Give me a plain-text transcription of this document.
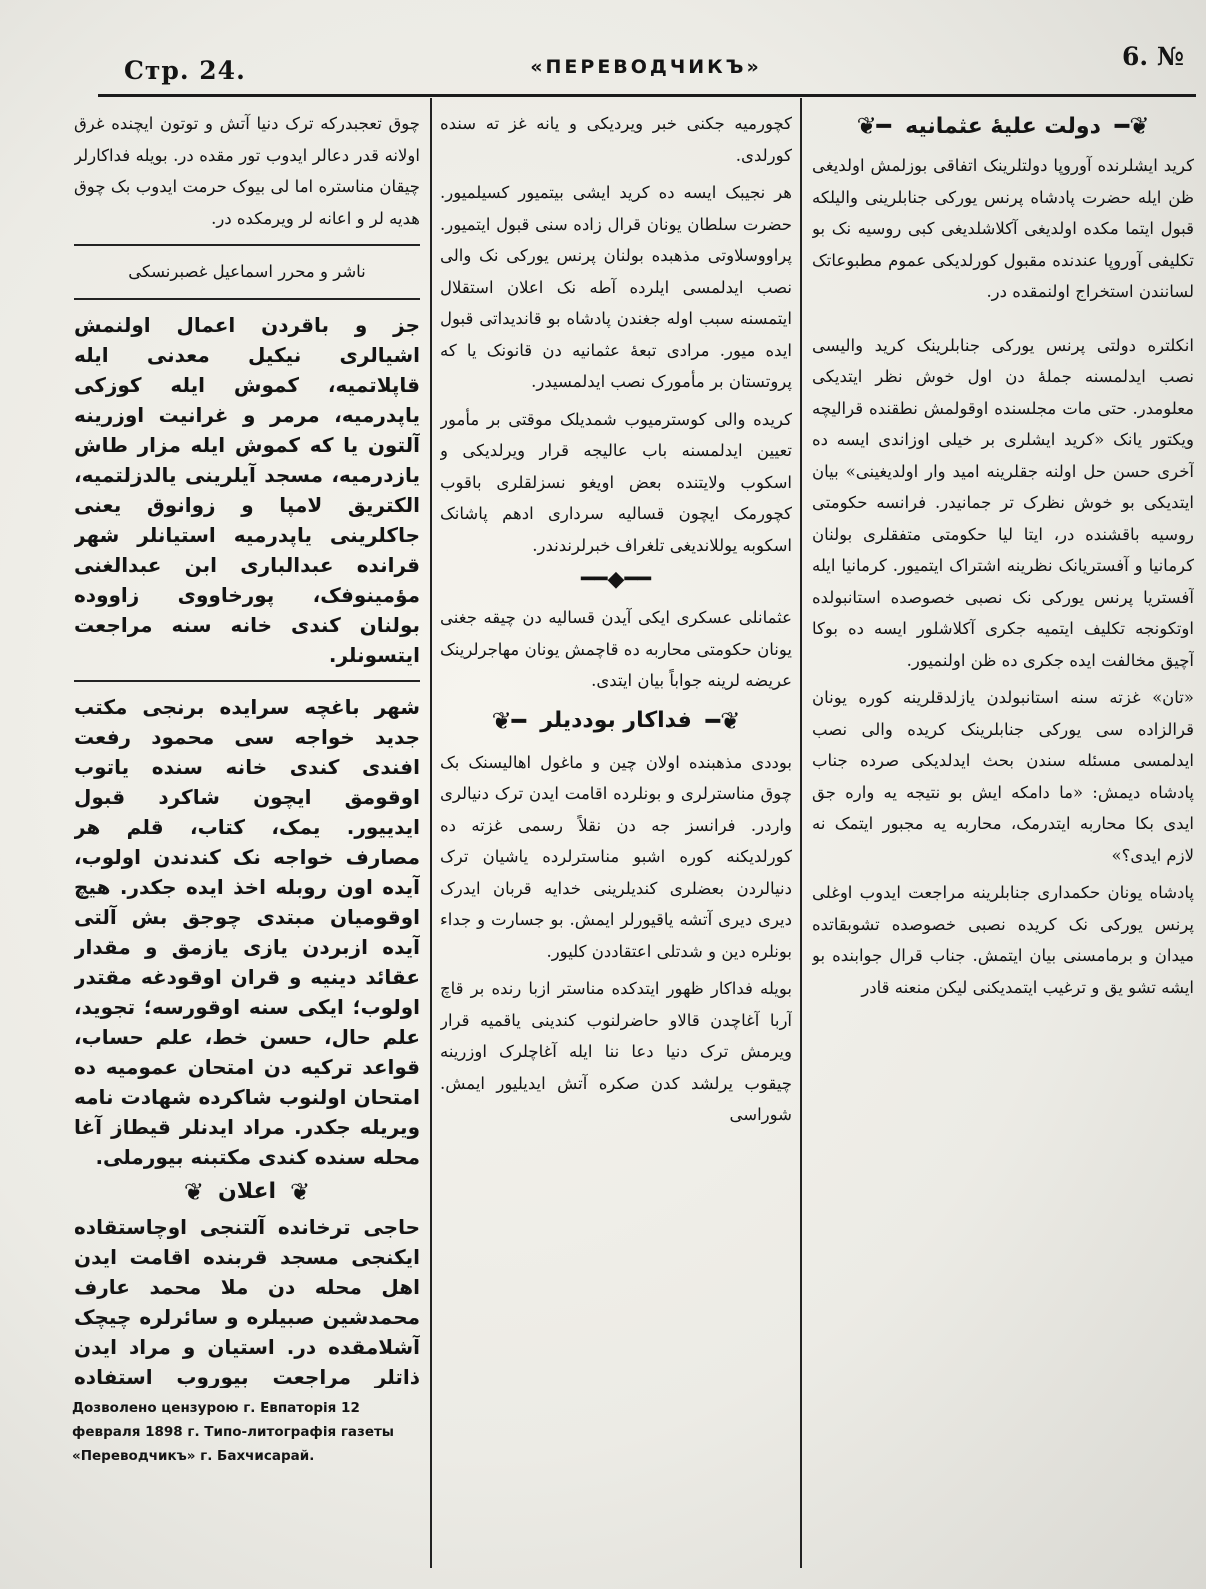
Стр. 24.	«ПЕРЕВОДЧИКЪ»	6. №
━❦
دولت علیهٔ عثمانیه
❦━

کرید ایشلرنده آوروپا دولتلرینک اتفاقی بوزلمش اولدیغی ظن ایله حضرت پادشاه پرنس یورکی جنابلرینی والیلکه قبول ایتما مکده اولدیغی آکلاشلدیغی کبی روسیه نک بو تکلیفی آوروپا عندنده مقبول کورلدیکی عموم مطبوعاتک لسانندن استخراج اولنمقده در.

انکلتره دولتی پرنس یورکی جنابلرینک کرید والیسی نصب ایدلمسنه جملهٔ دن اول خوش نظر ایتدیکی معلومدر. حتی مات مجلسنده اوقولمش نطقنده قرالیچه ویکتور یانک «کرید ایشلری بر خیلی اوزاندی ایسه ده آخری حسن حل اولنه جقلرینه امید وار اولدیغینی» بیان ایتدیکی بو خوش نظرک تر جمانیدر. فرانسه حکومتی روسیه باقشنده در، ایتا لیا حکومتی متفقلری بولنان کرمانیا و آفستریانک نظرینه اشتراک ایتمیور. کرمانیا ایله آفستریا پرنس یورکی نک نصبی خصوصده استانبولده اوتکونجه تکلیف ایتمیه جکری آکلاشلور ایسه ده بوکا آچیق مخالفت ایده جکری ده ظن اولنمیور.

«تان» غزته سنه استانبولدن یازلدقلرینه کوره یونان قرالزاده سی یورکی جنابلرینک کریده والی نصب ایدلمسی مسئله سندن بحث ایدلدیکی صرده جناب پادشاه دیمش: «ما دامکه ایش بو نتیجه یه واره جق ایدی بکا محاربه ایتدرمک، محاربه یه مجبور ایتمک نه لازم ایدی؟»

پادشاه یونان حکمداری جنابلرینه مراجعت ایدوب اوغلی پرنس یورکی نک کریده نصبی خصوصده تشوبقاتده میدان و برمامسنی بیان ایتمش. جناب قرال جوابنده بو ایشه تشو یق و ترغیب ایتمدیکنی لیکن منعنه قادر

کچورمیه جکنی خبر ویردیکی و یانه غز ته سنده کورلدی.

هر نجیبک ایسه ده کرید ایشی بیتمیور کسیلمیور. حضرت سلطان یونان قرال زاده سنی قبول ایتمیور. پراووسلاوتی مذهبده بولنان پرنس یورکی نک والی نصب ایدلمسی ایلرده آطه نک اعلان استقلال ایتمسنه سبب اوله جغندن پادشاه بو قاندیداتی قبول ایده میور. مرادی تبعهٔ عثمانیه دن قانونک یا که پروتستان بر مأمورک نصب ایدلمسیدر.

کریده والی کوسترمیوب شمدیلک موقتی بر مأمور تعیین ایدلمسنه باب عالیجه قرار ویرلدیکی و اسکوب ولایتنده بعض اویغو نسزلقلری باقوب کچورمک ایچون قسالیه سرداری ادهم پاشانک اسکوبه یوللاندیغی تلغراف خبرلرندندر.

━━◆━━

عثمانلی عسکری ایکی آیدن قسالیه دن چیقه جغنی یونان حکومتی محاربه ده قاچمش یونان مهاجرلرینک عریضه لرینه جواباً بیان ایتدی.

━❦
فداکار بوددیلر
❦━

بوددی مذهبنده اولان چین و ماغول اهالیسنک بک چوق مناسترلری و بونلرده اقامت ایدن ترک دنیالری واردر. فرانسز جه دن نقلاً رسمی غزته ده کورلدیکنه کوره اشبو مناسترلرده یاشیان ترک دنیالردن بعضلری کندیلرینی خدایه قربان ایدرک دیری دیری آتشه یاقیورلر ایمش. بو جسارت و جداء بونلره دین و شدتلی اعتقاددن کلیور.

بویله فداکار ظهور ایتدکده مناستر ازبا رنده بر قاچ آربا آغاچدن قالاو حاضرلنوب کندینی یاقمیه قرار ویرمش ترک دنیا دعا ننا ایله آغاچلرک اوزرینه چیقوب یرلشد کدن صکره آتش ایدیلیور ایمش. شوراسی

چوق تعجبدرکه ترک دنیا آتش و توتون ایچنده غرق اولانه قدر دعالر ایدوب تور مقده در. بویله فداکارلر چیقان مناستره اما لی بیوک حرمت ایدوب بک چوق هدیه لر و اعانه لر ویرمکده در.

ناشر و محرر اسماعیل غصبرنسکی

جز و باقردن اعمال اولنمش اشیالری نیکیل معدنی ایله قاپلاتمیه، کموش ایله کوزکی یاپدرمیه، مرمر و غرانیت اوزرینه آلتون یا که کموش ایله مزار طاش یازدرمیه، مسجد آیلرینی یالدزلتمیه، الکتریق لامپا و زوانوق یعنی جاکلرینی یاپدرمیه استیانلر شهر قرانده عبدالباری ابن عبدالغنی مؤمینوفک، پورخاووی زاووده بولنان کندی خانه سنه مراجعت ایتسونلر.

شهر باغچه سرایده برنجی مکتب جدید خواجه سی محمود رفعت افندی کندی خانه سنده یاتوب اوقومق ایچون شاکرد قبول ایدییور. یمک، کتاب، قلم هر مصارف خواجه نک کندندن اولوب، آیده اون روبله اخذ ایده جکدر. هیچ اوقومیان مبتدی چوجق بش آلتی آیده ازبردن یازی یازمق و مقدار عقائد دینیه و قران اوقودغه مقتدر اولوب؛ ایکی سنه اوقورسه؛ تجوید، علم حال، حسن خط، علم حساب، قواعد ترکیه دن امتحان عمومیه ده امتحان اولنوب شاکرده شهادت نامه ویریله جکدر. مراد ایدنلر قیطاز آغا محله سنده کندی مکتبنه بیورملی.

❦
اعلان
❦

حاجی ترخانده آلتنجی اوچاستقاده ایکنجی مسجد قربنده اقامت ایدن اهل محله دن ملا محمد عارف محمدشین صبیلره و سائرلره چیچک آشلامقده در. استیان و مراد ایدن ذاتلر مراجعت بیوروب استفاده

Дозволено цензурою г. Евпаторія 12 февраля 1898 г. Типо-литографія газеты «Переводчикъ» г. Бахчисарай.
